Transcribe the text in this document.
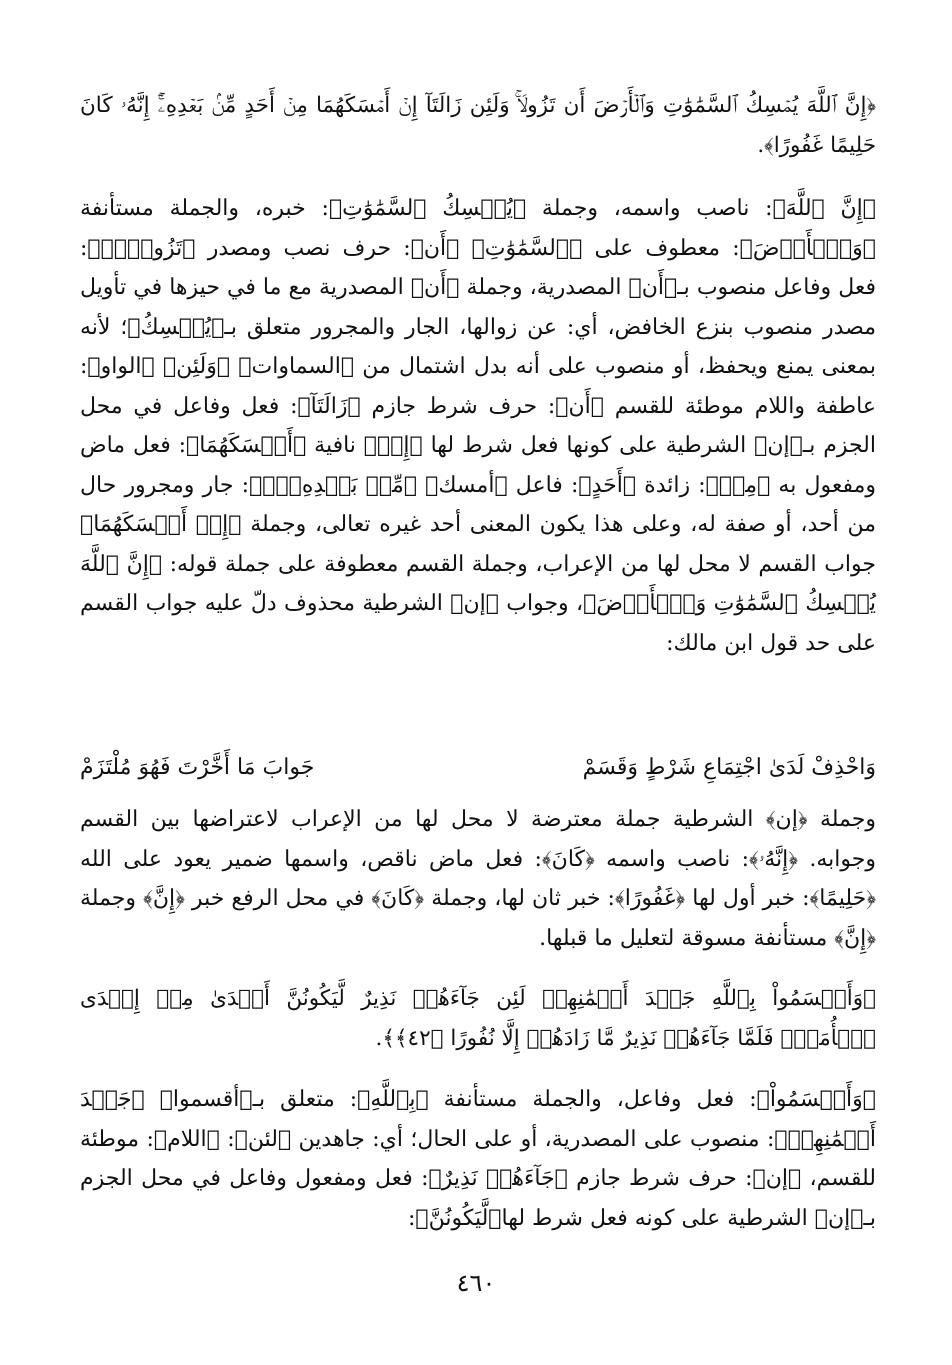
﴿إِنَّ ٱللَّهَ يُمۡسِكُ ٱلسَّمَٰوَٰتِ وَٱلۡأَرۡضَ أَن تَزُولَاۚ وَلَئِن زَالَتَآ إِنۡ أَمۡسَكَهُمَا مِنۡ أَحَدٍ مِّنۢ بَعۡدِهِۦٓۚ إِنَّهُۥ كَانَ حَلِيمًا غَفُورًا﴾.

﴿إِنَّ ٱللَّهَ﴾: ناصب واسمه، وجملة ﴿يُمۡسِكُ ٱلسَّمَٰوَٰتِ﴾: خبره، والجملة مستأنفة ﴿وَٱلۡأَرۡضَ﴾: معطوف على ﴿ٱلسَّمَٰوَٰتِ﴾ ﴿أَن﴾: حرف نصب ومصدر ﴿تَزُولَاۚ﴾: فعل وفاعل منصوب بـ﴿أَن﴾ المصدرية، وجملة ﴿أَن﴾ المصدرية مع ما في حيزها في تأويل مصدر منصوب بنزع الخافض، أي: عن زوالها، الجار والمجرور متعلق بـ﴿يُمۡسِكُ﴾؛ لأنه بمعنى يمنع ويحفظ، أو منصوب على أنه بدل اشتمال من ﴿السماوات﴾ ﴿وَلَئِن﴾ ﴿الواو﴾: عاطفة واللام موطئة للقسم ﴿أَن﴾: حرف شرط جازم ﴿زَالَتَآ﴾: فعل وفاعل في محل الجزم بـ﴿إن﴾ الشرطية على كونها فعل شرط لها ﴿إِنۡ﴾ نافية ﴿أَمۡسَكَهُمَا﴾: فعل ماض ومفعول به ﴿مِنۡ﴾: زائدة ﴿أَحَدٍ﴾: فاعل ﴿أمسك﴾ ﴿مِّنۢ بَعۡدِهِۦٓۚ﴾: جار ومجرور حال من أحد، أو صفة له، وعلى هذا يكون المعنى أحد غيره تعالى، وجملة ﴿إِنۡ أَمۡسَكَهُمَا﴾ جواب القسم لا محل لها من الإعراب، وجملة القسم معطوفة على جملة قوله: ﴿إِنَّ ٱللَّهَ يُمۡسِكُ ٱلسَّمَٰوَٰتِ وَٱلۡأَرۡضَ﴾، وجواب ﴿إن﴾ الشرطية محذوف دلّ عليه جواب القسم على حد قول ابن مالك:

وَاحْذِفْ لَدَىٰ اجْتِمَاعِ شَرْطٍ وَقَسَمْ
جَوابَ مَا أَخَّرْتَ فَهُوَ مُلْتَزَمْ

وجملة ﴿إن﴾ الشرطية جملة معترضة لا محل لها من الإعراب لاعتراضها بين القسم وجوابه. ﴿إِنَّهُۥ﴾: ناصب واسمه ﴿كَانَ﴾: فعل ماض ناقص، واسمها ضمير يعود على الله ﴿حَلِيمًا﴾: خبر أول لها ﴿غَفُورًا﴾: خبر ثان لها، وجملة ﴿كَانَ﴾ في محل الرفع خبر ﴿إِنَّ﴾ وجملة ﴿إِنَّ﴾ مستأنفة مسوقة لتعليل ما قبلها.

﴿وَأَقۡسَمُواْ بِٱللَّهِ جَهۡدَ أَيۡمَٰنِهِمۡ لَئِن جَآءَهُمۡ نَذِيرٌ لَّيَكُونُنَّ أَهۡدَىٰ مِنۡ إِحۡدَى ٱلۡأُمَمِۖ فَلَمَّا جَآءَهُمۡ نَذِيرٌ مَّا زَادَهُمۡ إِلَّا نُفُورًا ﴿٤٢﴾﴾.

﴿وَأَقۡسَمُواْ﴾: فعل وفاعل، والجملة مستأنفة ﴿بِٱللَّهِ﴾: متعلق بـ﴿أقسموا﴾ ﴿جَهۡدَ أَيۡمَٰنِهِمۡ﴾: منصوب على المصدرية، أو على الحال؛ أي: جاهدين ﴿لئن﴾: ﴿اللام﴾: موطئة للقسم، ﴿إن﴾: حرف شرط جازم ﴿جَآءَهُمۡ نَذِيرٌ﴾: فعل ومفعول وفاعل في محل الجزم بـ﴿إن﴾ الشرطية على كونه فعل شرط لها﴿لَّيَكُونُنَّ﴾:

٤٦٠
